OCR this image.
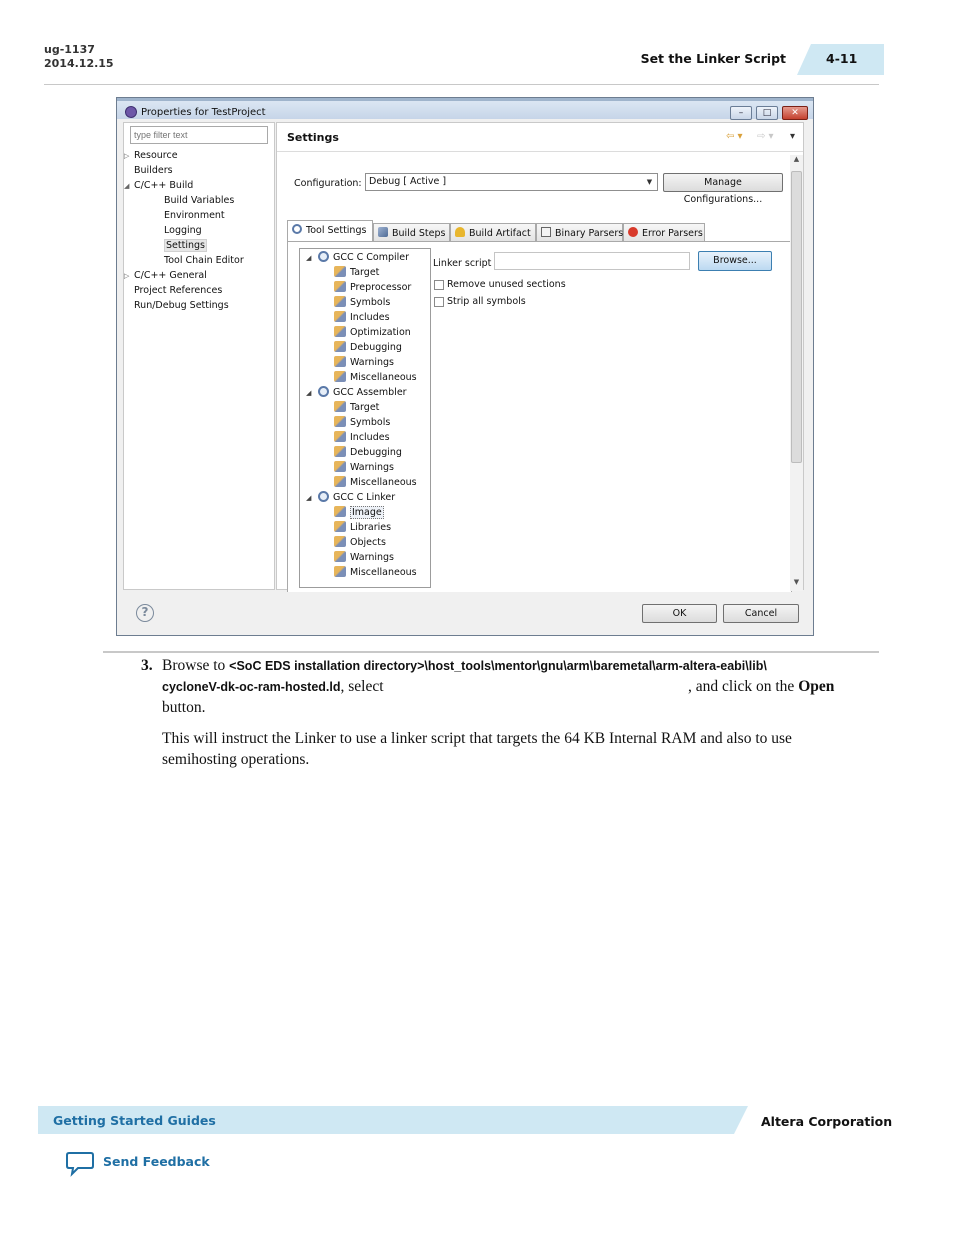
ug-1137
2014.12.15	Set the Linker Script	4-11
Properties for TestProject	–	□	✕
type filter text
▷ Resource
Builders
◢ C/C++ Build
Build Variables
Environment
Logging
Settings
Tool Chain Editor
▷ C/C++ General
Project References
Run/Debug Settings
Settings	⇦ ▾ ⇨ ▾ ▾
Configuration: Debug [ Active ]	▼	Manage Configurations...
Tool Settings	Build Steps	Build Artifact	Binary Parsers	Error Parsers
◢ GCC C Compiler
Target
Preprocessor
Symbols
Includes
Optimization
Debugging
Warnings
Miscellaneous
◢ GCC Assembler
Target
Symbols
Includes
Debugging
Warnings
Miscellaneous
◢ GCC C Linker
Image
Libraries
Objects
Warnings
Miscellaneous
Linker script	Browse...
Remove unused sections
Strip all symbols
▲
▼
?	OK	Cancel
3. Browse to <SoC EDS installation directory>\host_tools\mentor\gnu\arm\baremetal\arm-altera-eabi\lib\
cycloneV-dk-oc-ram-hosted.ld, select	, and click on the Open
button.
This will instruct the Linker to use a linker script that targets the 64 KB Internal RAM and also to use semihosting operations.
Getting Started Guides	Altera Corporation
Send Feedback
